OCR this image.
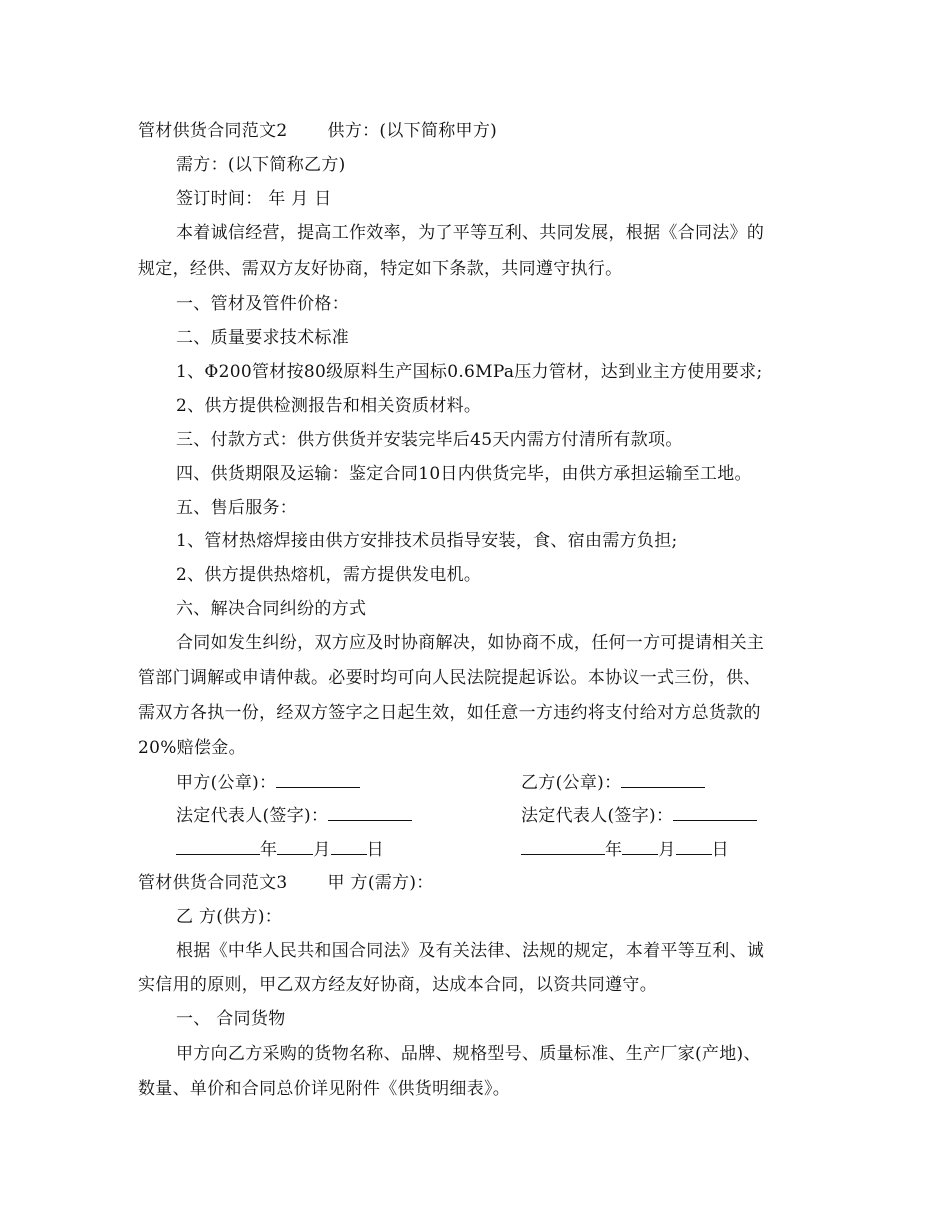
管材供货合同范文2 供方：(以下简称甲方)
需方：(以下简称乙方)
签订时间： 年 月 日
本着诚信经营，提高工作效率，为了平等互利、共同发展，根据《合同法》的
规定，经供、需双方友好协商，特定如下条款，共同遵守执行。
一、管材及管件价格：
二、质量要求技术标准
1、Φ200管材按80级原料生产国标0.6MPa压力管材，达到业主方使用要求;
2、供方提供检测报告和相关资质材料。
三、付款方式：供方供货并安装完毕后45天内需方付清所有款项。
四、供货期限及运输：鉴定合同10日内供货完毕，由供方承担运输至工地。
五、售后服务：
1、管材热熔焊接由供方安排技术员指导安装，食、宿由需方负担;
2、供方提供热熔机，需方提供发电机。
六、解决合同纠纷的方式
合同如发生纠纷，双方应及时协商解决，如协商不成，任何一方可提请相关主
管部门调解或申请仲裁。必要时均可向人民法院提起诉讼。本协议一式三份，供、
需双方各执一份，经双方签字之日起生效，如任意一方违约将支付给对方总货款的
20%赔偿金。
甲方(公章)：	乙方(公章)：
法定代表人(签字)：	法定代表人(签字)：
年 月 日	年 月 日
管材供货合同范文3 甲 方(需方)：
乙 方(供方)：
根据《中华人民共和国合同法》及有关法律、法规的规定，本着平等互利、诚
实信用的原则，甲乙双方经友好协商，达成本合同，以资共同遵守。
一、 合同货物
甲方向乙方采购的货物名称、品牌、规格型号、质量标准、生产厂家(产地)、
数量、单价和合同总价详见附件《供货明细表》。
